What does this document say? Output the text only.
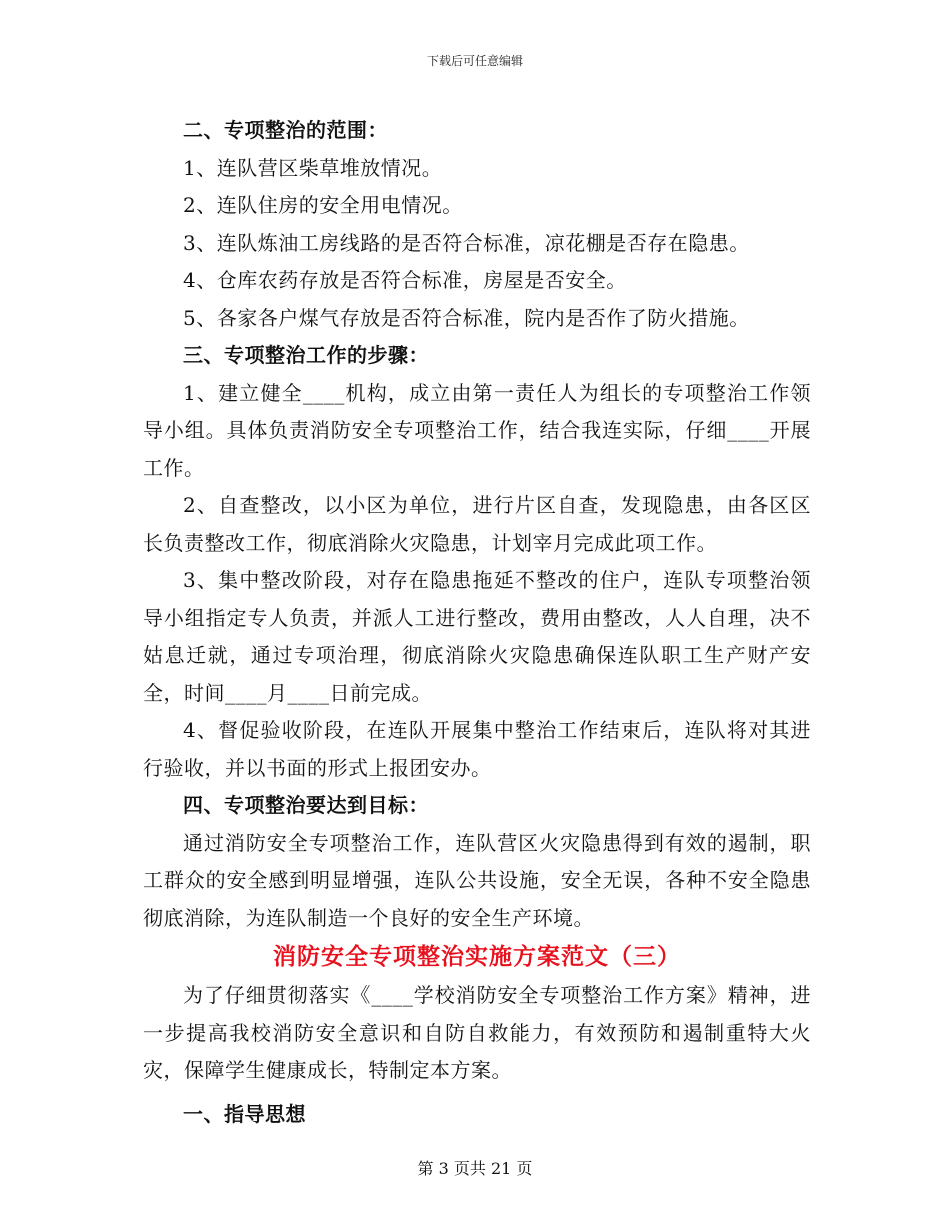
下载后可任意编辑

二、专项整治的范围：

1、连队营区柴草堆放情况。

2、连队住房的安全用电情况。

3、连队炼油工房线路的是否符合标准，凉花棚是否存在隐患。

4、仓库农药存放是否符合标准，房屋是否安全。

5、各家各户煤气存放是否符合标准，院内是否作了防火措施。

三、专项整治工作的步骤：

1、建立健全____机构，成立由第一责任人为组长的专项整治工作领导小组。具体负责消防安全专项整治工作，结合我连实际，仔细____开展工作。

2、自查整改，以小区为单位，进行片区自查，发现隐患，由各区区长负责整改工作，彻底消除火灾隐患，计划宰月完成此项工作。

3、集中整改阶段，对存在隐患拖延不整改的住户，连队专项整治领导小组指定专人负责，并派人工进行整改，费用由整改，人人自理，决不姑息迁就，通过专项治理，彻底消除火灾隐患确保连队职工生产财产安全，时间____月____日前完成。

4、督促验收阶段，在连队开展集中整治工作结束后，连队将对其进行验收，并以书面的形式上报团安办。

四、专项整治要达到目标：

通过消防安全专项整治工作，连队营区火灾隐患得到有效的遏制，职工群众的安全感到明显增强，连队公共设施，安全无误，各种不安全隐患彻底消除，为连队制造一个良好的安全生产环境。

消防安全专项整治实施方案范文（三）

为了仔细贯彻落实《____学校消防安全专项整治工作方案》精神，进一步提高我校消防安全意识和自防自救能力，有效预防和遏制重特大火灾，保障学生健康成长，特制定本方案。

一、指导思想

第 3 页共 21 页
